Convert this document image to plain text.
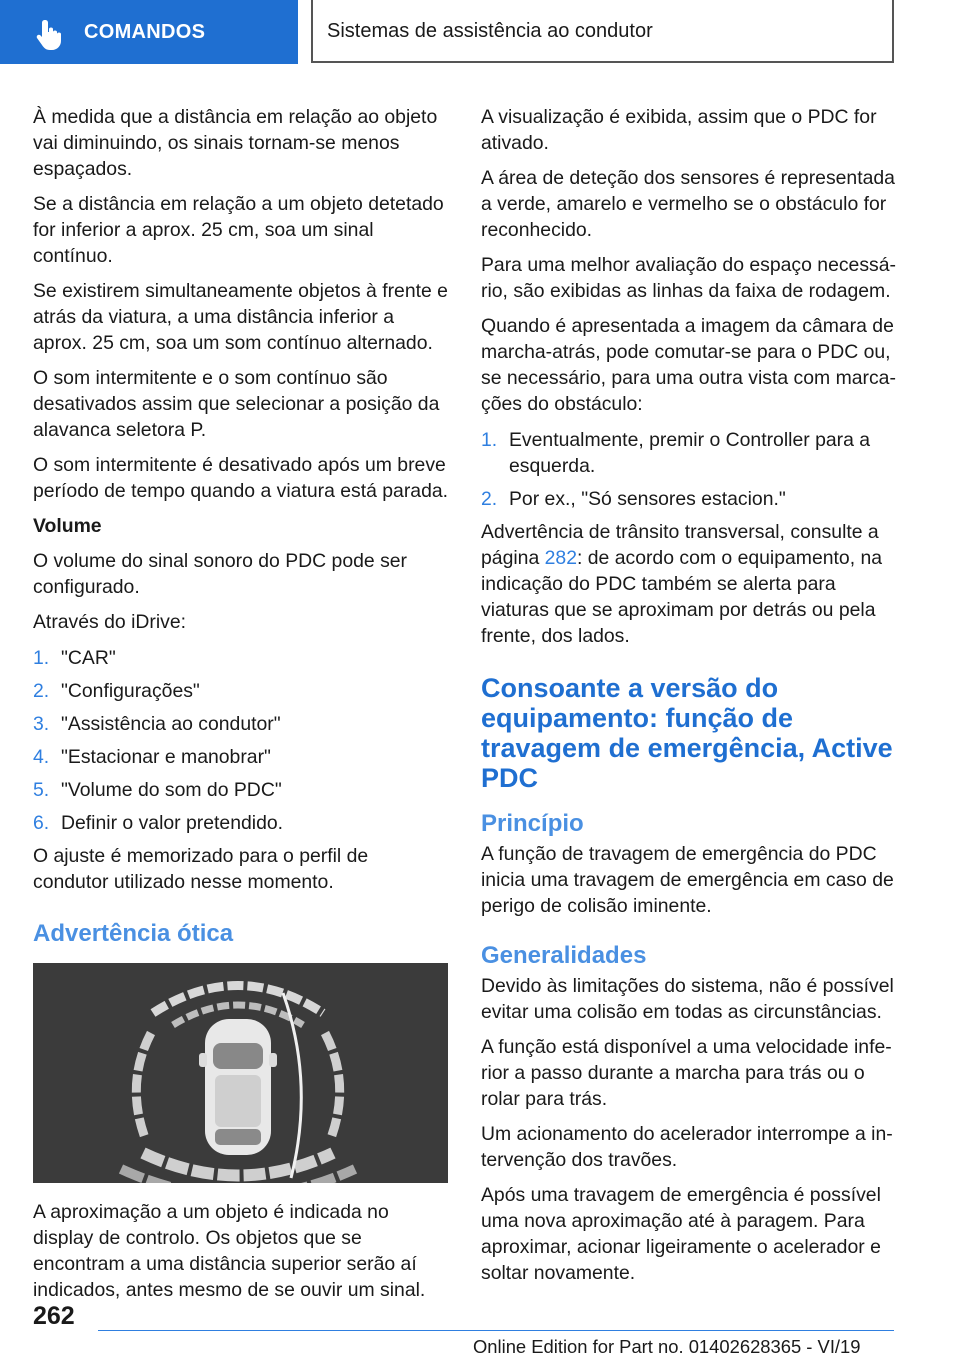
COMANDOS	Sistemas de assistência ao condutor

À medida que a distância em relação ao objeto vai diminuindo, os sinais tornam-se menos espaçados.

Se a distância em relação a um objeto detetado for inferior a aprox. 25 cm, soa um sinal contínuo.

Se existirem simultaneamente objetos à frente e atrás da viatura, a uma distância inferior a aprox. 25 cm, soa um som contínuo alternado.

O som intermitente e o som contínuo são desativados assim que selecionar a posição da alavanca seletora P.

O som intermitente é desativado após um breve período de tempo quando a viatura está parada.

Volume

O volume do sinal sonoro do PDC pode ser configurado.

Através do iDrive:

1. "CAR"
2. "Configurações"
3. "Assistência ao condutor"
4. "Estacionar e manobrar"
5. "Volume do som do PDC"
6. Definir o valor pretendido.

O ajuste é memorizado para o perfil de condutor utilizado nesse momento.

Advertência ótica

A aproximação a um objeto é indicada no display de controlo. Os objetos que se encontram a uma distância superior serão aí indicados, antes mesmo de se ouvir um sinal.

A visualização é exibida, assim que o PDC for ativado.

A área de deteção dos sensores é representada a verde, amarelo e vermelho se o obstáculo for reconhecido.

Para uma melhor avaliação do espaço necessário, são exibidas as linhas da faixa de rodagem.

Quando é apresentada a imagem da câmara de marcha-atrás, pode comutar-se para o PDC ou, se necessário, para uma outra vista com marcações do obstáculo:

1. Eventualmente, premir o Controller para a esquerda.
2. Por ex., "Só sensores estacion."

Advertência de trânsito transversal, consulte a página 282: de acordo com o equipamento, na indicação do PDC também se alerta para viaturas que se aproximam por detrás ou pela frente, dos lados.

Consoante a versão do equipamento: função de travagem de emergência, Active PDC
Princípio

A função de travagem de emergência do PDC inicia uma travagem de emergência em caso de perigo de colisão iminente.

Generalidades

Devido às limitações do sistema, não é possível evitar uma colisão em todas as circunstâncias.

A função está disponível a uma velocidade inferior a passo durante a marcha para trás ou o rolar para trás.

Um acionamento do acelerador interrompe a intervenção dos travões.

Após uma travagem de emergência é possível uma nova aproximação até à paragem. Para aproximar, acionar ligeiramente o acelerador e soltar novamente.

262
Online Edition for Part no. 01402628365 - VI/19
